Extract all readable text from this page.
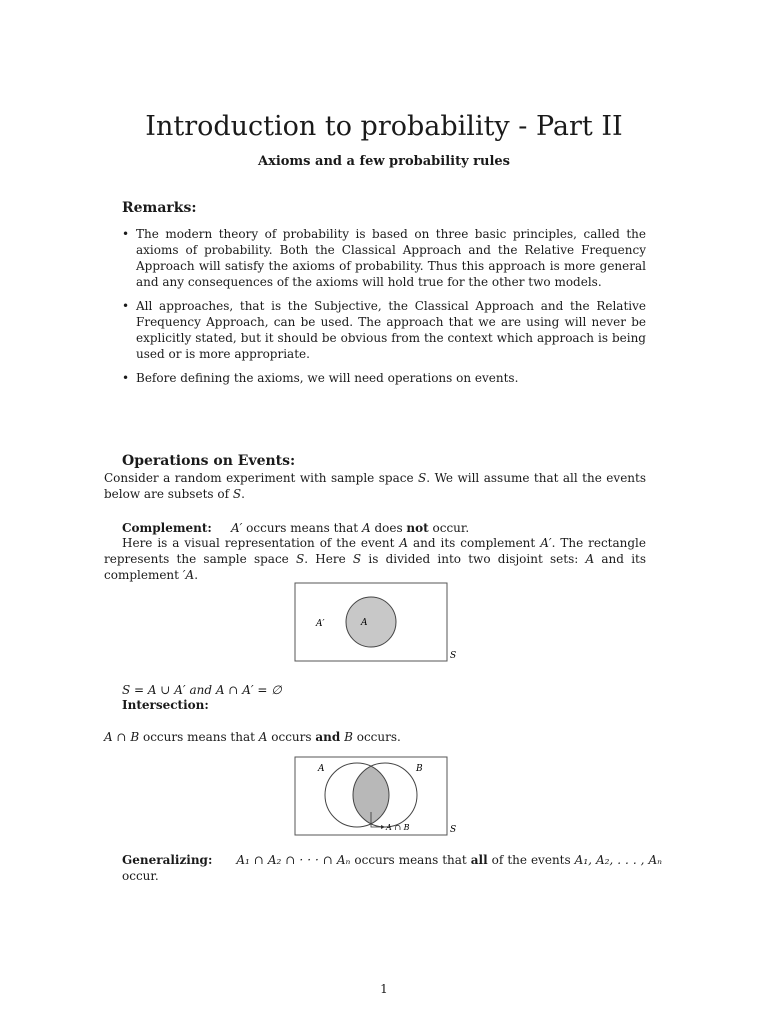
Introduction to probability - Part II
Axioms and a few probability rules
Remarks:
• The modern theory of probability is based on three basic principles, called the axioms of probability. Both the Classical Approach and the Relative Frequency Approach will satisfy the axioms of probability. Thus this approach is more general and any consequences of the axioms will hold true for the other two models.
• All approaches, that is the Subjective, the Classical Approach and the Relative Frequency Approach, can be used. The approach that we are using will never be explicitly stated, but it should be obvious from the context which approach is being used or is more appropriate.
• Before defining the axioms, we will need operations on events.
Operations on Events:
Consider a random experiment with sample space S. We will assume that all the events below are subsets of S.
Complement: A′ occurs means that A does not occur.
Here is a visual representation of the event A and its complement A′. The rectangle represents the sample space S. Here S is divided into two disjoint sets: A and its complement ′A.
A′	A
S
S = A ∪ A′ and A ∩ A′ = ∅
Intersection:
A ∩ B occurs means that A occurs and B occurs.
A	B
A ∩ B	S
Generalizing: A₁ ∩ A₂ ∩ · · · ∩ Aₙ occurs means that all of the events A₁, A₂, . . . , Aₙ occur.
1
